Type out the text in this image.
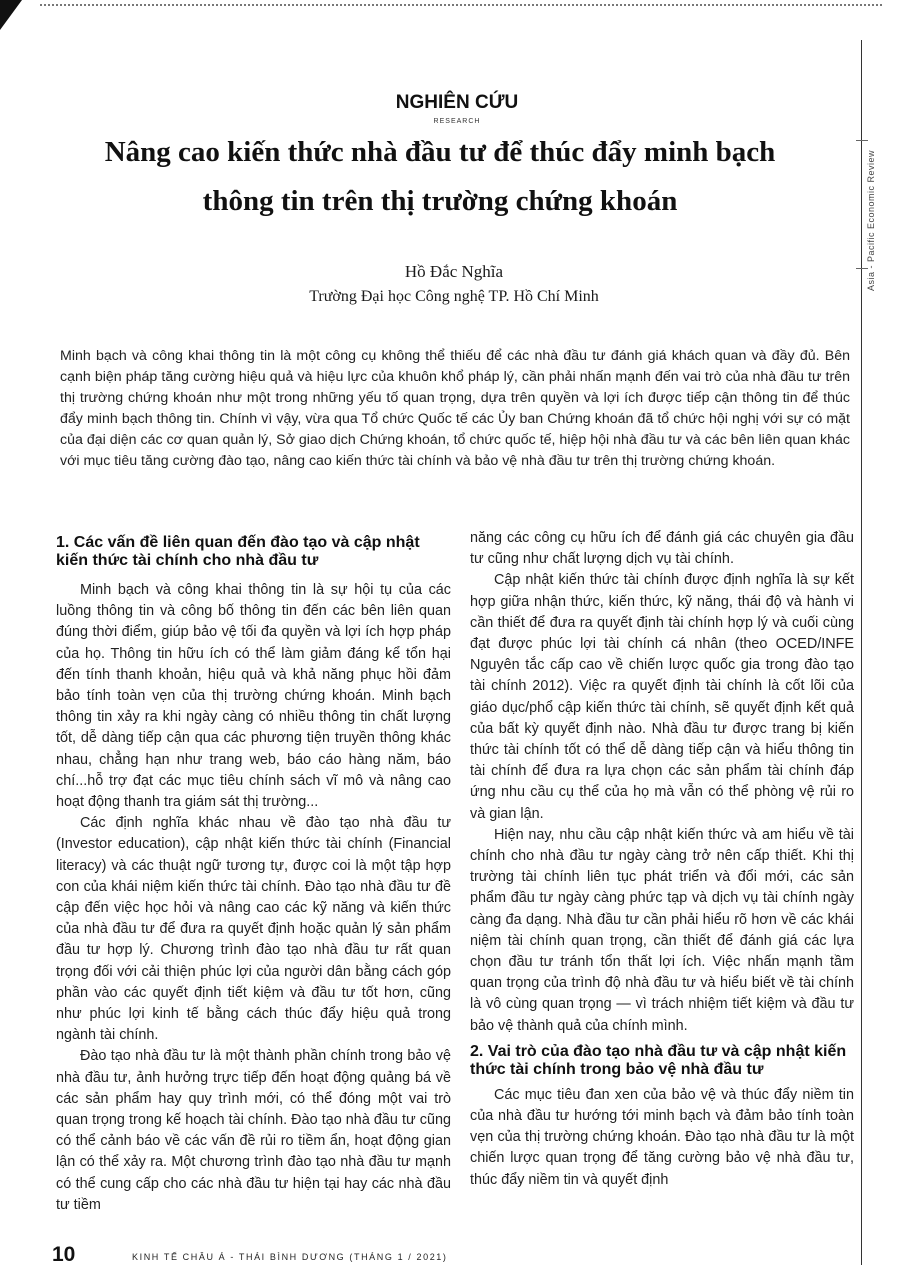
Asia - Pacific Economic Review
NGHIÊN CỨU
RESEARCH
Nâng cao kiến thức nhà đầu tư để thúc đẩy minh bạch
thông tin trên thị trường chứng khoán
Hồ Đắc Nghĩa
Trường Đại học Công nghệ TP. Hồ Chí Minh
Minh bạch và công khai thông tin là một công cụ không thể thiếu để các nhà đầu tư đánh giá khách quan và đầy đủ. Bên cạnh biện pháp tăng cường hiệu quả và hiệu lực của khuôn khổ pháp lý, cần phải nhấn mạnh đến vai trò của nhà đầu tư trên thị trường chứng khoán như một trong những yếu tố quan trọng, dựa trên quyền và lợi ích được tiếp cận thông tin để thúc đẩy minh bạch thông tin. Chính vì vậy, vừa qua Tổ chức Quốc tế các Ủy ban Chứng khoán đã tổ chức hội nghị với sự có mặt của đại diện các cơ quan quản lý, Sở giao dịch Chứng khoán, tổ chức quốc tế, hiệp hội nhà đầu tư và các bên liên quan khác với mục tiêu tăng cường đào tạo, nâng cao kiến thức tài chính và bảo vệ nhà đầu tư trên thị trường chứng khoán.
1. Các vấn đề liên quan đến đào tạo và cập nhật kiến thức tài chính cho nhà đầu tư

Minh bạch và công khai thông tin là sự hội tụ của các luồng thông tin và công bố thông tin đến các bên liên quan đúng thời điểm, giúp bảo vệ tối đa quyền và lợi ích hợp pháp của họ. Thông tin hữu ích có thể làm giảm đáng kể tổn hại đến tính thanh khoản, hiệu quả và khả năng phục hồi đảm bảo tính toàn vẹn của thị trường chứng khoán. Minh bạch thông tin xảy ra khi ngày càng có nhiều thông tin chất lượng tốt, dễ dàng tiếp cận qua các phương tiện truyền thông khác nhau, chẳng hạn như trang web, báo cáo hàng năm, báo chí...hỗ trợ đạt các mục tiêu chính sách vĩ mô và nâng cao hoạt động thanh tra giám sát thị trường...

Các định nghĩa khác nhau về đào tạo nhà đầu tư (Investor education), cập nhật kiến thức tài chính (Financial literacy) và các thuật ngữ tương tự, được coi là một tập hợp con của khái niệm kiến thức tài chính. Đào tạo nhà đầu tư đề cập đến việc học hỏi và nâng cao các kỹ năng và kiến thức của nhà đầu tư để đưa ra quyết định hoặc quản lý sản phẩm đầu tư hợp lý. Chương trình đào tạo nhà đầu tư rất quan trọng đối với cải thiện phúc lợi của người dân bằng cách góp phần vào các quyết định tiết kiệm và đầu tư tốt hơn, cũng như phúc lợi kinh tế bằng cách thúc đẩy hiệu quả trong ngành tài chính.

Đào tạo nhà đầu tư là một thành phần chính trong bảo vệ nhà đầu tư, ảnh hưởng trực tiếp đến hoạt động quảng bá về các sản phẩm hay quy trình mới, có thể đóng một vai trò quan trọng trong kế hoạch tài chính. Đào tạo nhà đầu tư cũng có thể cảnh báo về các vấn đề rủi ro tiềm ẩn, hoạt động gian lận có thể xảy ra. Một chương trình đào tạo nhà đầu tư mạnh có thể cung cấp cho các nhà đầu tư hiện tại hay các nhà đầu tư tiềm

năng các công cụ hữu ích để đánh giá các chuyên gia đầu tư cũng như chất lượng dịch vụ tài chính.

Cập nhật kiến thức tài chính được định nghĩa là sự kết hợp giữa nhận thức, kiến thức, kỹ năng, thái độ và hành vi cần thiết để đưa ra quyết định tài chính hợp lý và cuối cùng đạt được phúc lợi tài chính cá nhân (theo OCED/INFE Nguyên tắc cấp cao về chiến lược quốc gia trong đào tạo tài chính 2012). Việc ra quyết định tài chính là cốt lõi của giáo dục/phổ cập kiến thức tài chính, sẽ quyết định kết quả của bất kỳ quyết định nào. Nhà đầu tư được trang bị kiến thức tài chính tốt có thể dễ dàng tiếp cận và hiểu thông tin tài chính để đưa ra lựa chọn các sản phẩm tài chính đáp ứng nhu cầu cụ thể của họ mà vẫn có thể phòng vệ rủi ro và gian lận.

Hiện nay, nhu cầu cập nhật kiến thức và am hiểu về tài chính cho nhà đầu tư ngày càng trở nên cấp thiết. Khi thị trường tài chính liên tục phát triển và đổi mới, các sản phẩm đầu tư ngày càng phức tạp và dịch vụ tài chính ngày càng đa dạng. Nhà đầu tư cần phải hiểu rõ hơn về các khái niệm tài chính quan trọng, cần thiết để đánh giá các lựa chọn đầu tư tránh tổn thất lợi ích. Việc nhấn mạnh tầm quan trọng của trình độ nhà đầu tư và hiểu biết về tài chính là vô cùng quan trọng — vì trách nhiệm tiết kiệm và đầu tư bảo vệ thành quả của chính mình.

2. Vai trò của đào tạo nhà đầu tư và cập nhật kiến thức tài chính trong bảo vệ nhà đầu tư

Các mục tiêu đan xen của bảo vệ và thúc đẩy niềm tin của nhà đầu tư hướng tới minh bạch và đảm bảo tính toàn vẹn của thị trường chứng khoán. Đào tạo nhà đầu tư là một chiến lược quan trọng để tăng cường bảo vệ nhà đầu tư, thúc đẩy niềm tin và quyết định

10	KINH TẾ CHÂU Á - THÁI BÌNH DƯƠNG (THÁNG 1 / 2021)
